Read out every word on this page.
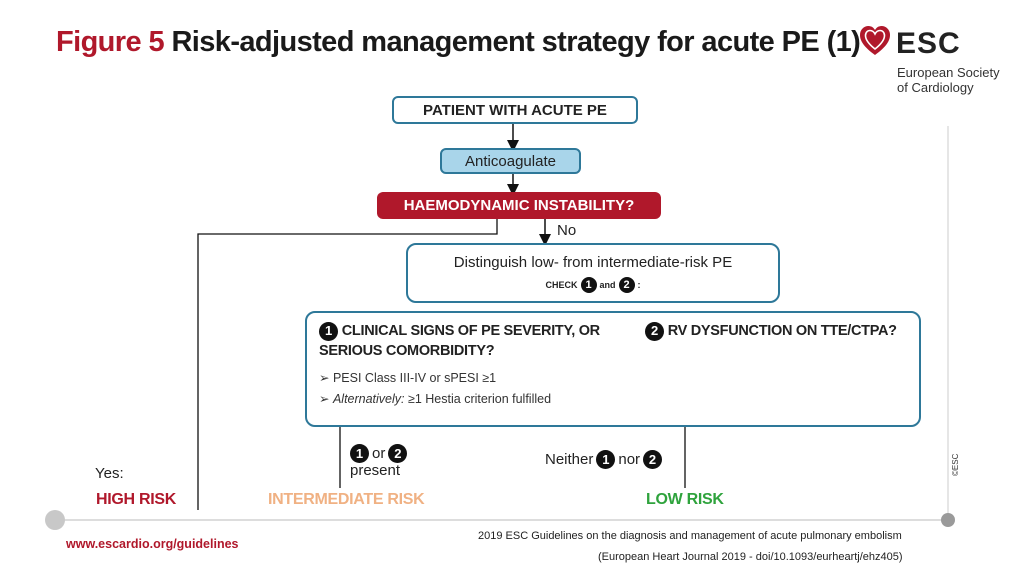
Figure 5 Risk-adjusted management strategy for acute PE (1) ESC
European Society
of Cardiology
PATIENT WITH ACUTE PE
Anticoagulate
HAEMODYNAMIC INSTABILITY?
No
Distinguish low- from intermediate-risk PE
CHECK 1 and 2 :
1 CLINICAL SIGNS OF PE SEVERITY, OR
SERIOUS COMORBIDITY?
2 RV DYSFUNCTION ON TTE/CTPA?
➢ PESI Class III-IV or sPESI ≥1
➢ Alternatively: ≥1 Hestia criterion fulfilled
Yes:
1 or 2
present
Neither 1 nor 2
HIGH RISK	INTERMEDIATE RISK	LOW RISK
www.escardio.org/guidelines
2019 ESC Guidelines on the diagnosis and management of acute pulmonary embolism
(European Heart Journal 2019 - doi/10.1093/eurheartj/ehz405)
©ESC
